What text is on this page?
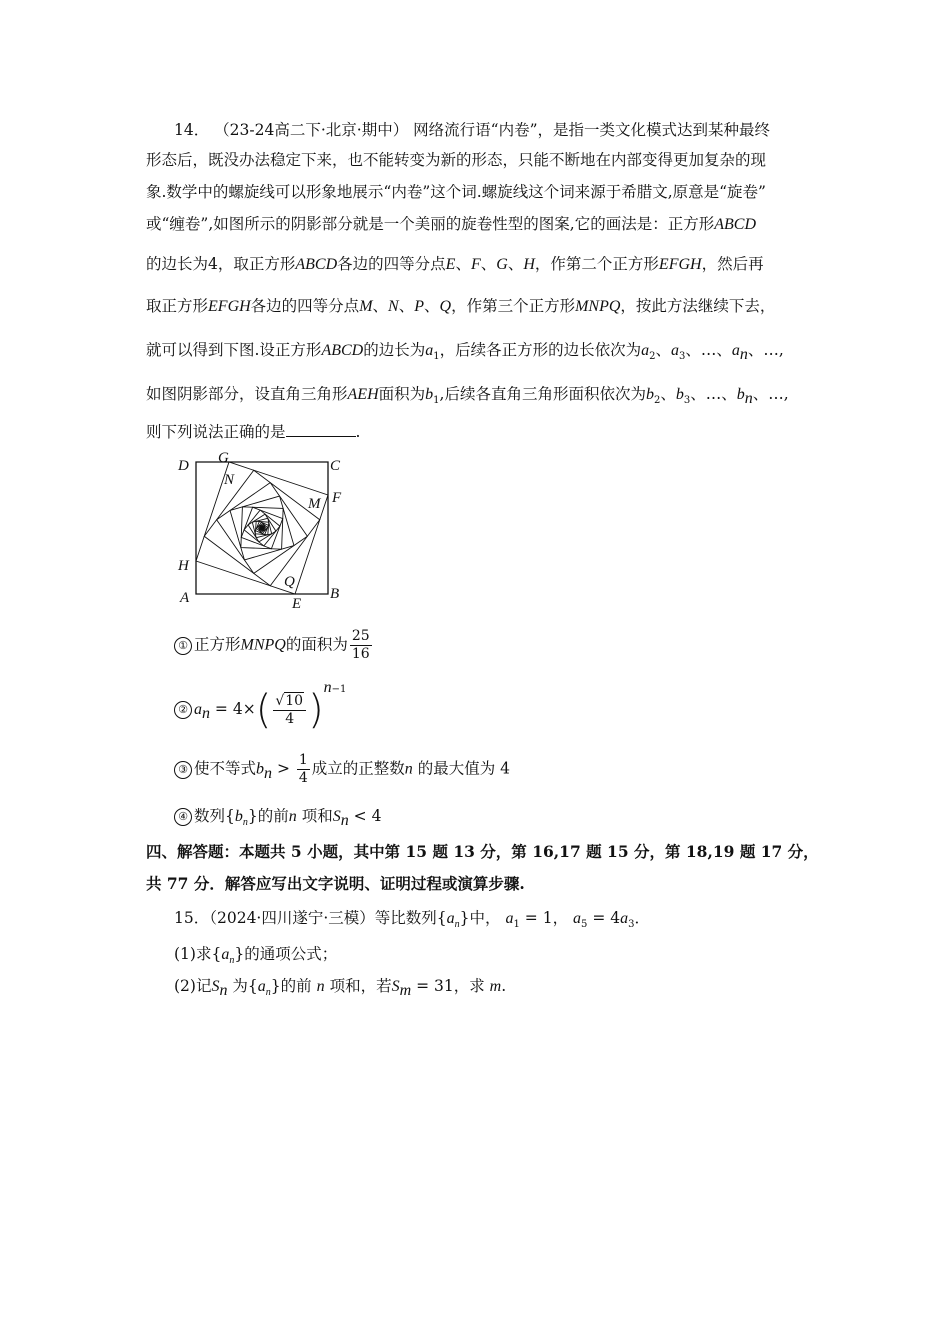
14． （23-24高二下·北京·期中） 网络流行语“内卷”，是指一类文化模式达到某种最终
形态后，既没办法稳定下来，也不能转变为新的形态，只能不断地在内部变得更加复杂的现
象.数学中的螺旋线可以形象地展示“内卷”这个词.螺旋线这个词来源于希腊文,原意是“旋卷”
或“缠卷”,如图所示的阴影部分就是一个美丽的旋卷性型的图案,它的画法是：正方形ABCD
的边长为4，取正方形ABCD各边的四等分点E、F、G、H，作第二个正方形EFGH，然后再
取正方形EFGH各边的四等分点M、N、P、Q，作第三个正方形MNPQ，按此方法继续下去，
就可以得到下图.设正方形ABCD的边长为$a_1$，后续各正方形的边长依次为$a_2$、$a_3$、…、$a_n$、…,
如图阴影部分，设直角三角形AEH面积为$b_1$,后续各直角三角形面积依次为$b_2$、$b_3$、…、$b_n$、…,
则下列说法正确的是	.
D G	C
N
M F
H
Q
A	E
B
① 正方形MNPQ的面积为 $\frac{25}{16}$
② $a_n = 4\times( \frac{√10}{4} )^{n-1}$
③ 使不等式$b_n > \frac{1}{4}$ 成立的正整数n 的最大值为 4
④ 数列$\{b_n\}$的前n 项和$S_n < 4$
四、解答题：本题共 5 小题，其中第 15 题 13 分，第 16,17 题 15 分，第 18,19 题 17 分，
共 77 分．解答应写出文字说明、证明过程或演算步骤.
15．（2024·四川遂宁·三模）等比数列$\{a_n\}$中， $a_1 = 1$， $a_5 = 4a_3$．
(1)求$\{a_n\}$的通项公式；
(2)记$S_n$ 为$\{a_n\}$的前 n 项和，若$S_m = 31$，求 m.
